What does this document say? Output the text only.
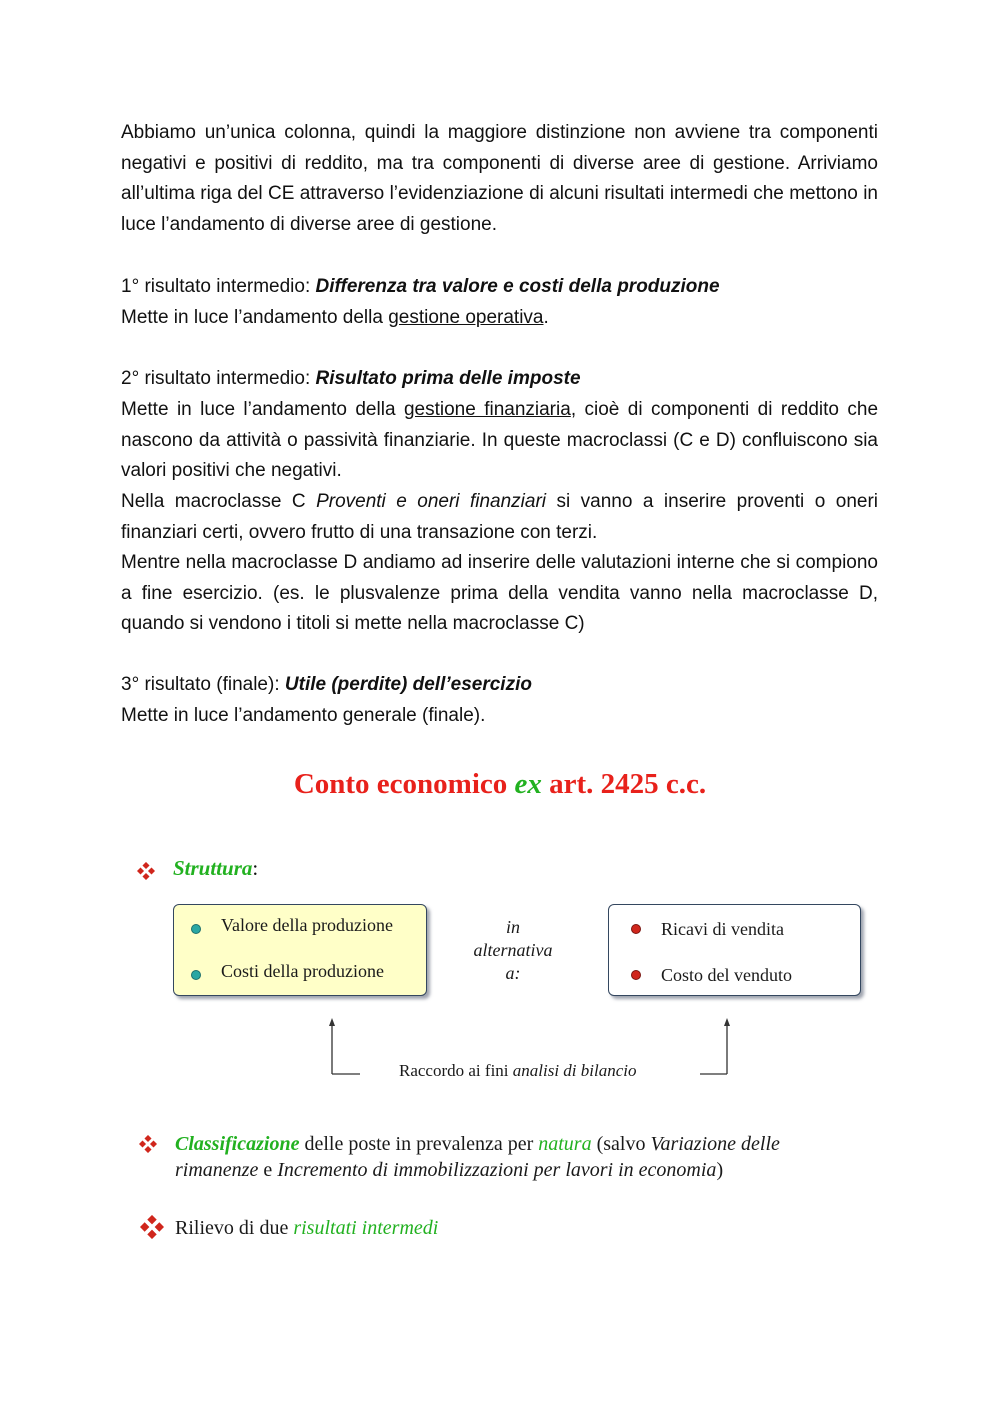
Abbiamo un’unica colonna, quindi la maggiore distinzione non avviene tra componenti negativi e positivi di reddito, ma tra componenti di diverse aree di gestione. Arriviamo all’ultima riga del CE attraverso l’evidenziazione di alcuni risultati intermedi che mettono in luce l’andamento di diverse aree di gestione.

1° risultato intermedio: Differenza tra valore e costi della produzione

Mette in luce l’andamento della gestione operativa.

2° risultato intermedio: Risultato prima delle imposte

Mette in luce l’andamento della gestione finanziaria, cioè di componenti di reddito che nascono da attività o passività finanziarie. In queste macroclassi (C e D) confluiscono sia valori positivi che negativi.

Nella macroclasse C Proventi e oneri finanziari si vanno a inserire proventi o oneri finanziari certi, ovvero frutto di una transazione con terzi.

Mentre nella macroclasse D andiamo ad inserire delle valutazioni interne che si compiono a fine esercizio. (es. le plusvalenze prima della vendita vanno nella macroclasse D, quando si vendono i titoli si mette nella macroclasse C)

3° risultato (finale): Utile (perdite) dell’esercizio

Mette in luce l’andamento generale (finale).

Conto economico ex art. 2425 c.c.

Struttura:

Valore della produzione

Costi della produzione

in
alternativa
a:

Ricavi di vendita

Costo del venduto

Raccordo ai fini analisi di bilancio

Classificazione delle poste in prevalenza per natura (salvo Variazione delle rimanenze e Incremento di immobilizzazioni per lavori in economia)

Rilievo di due risultati intermedi
